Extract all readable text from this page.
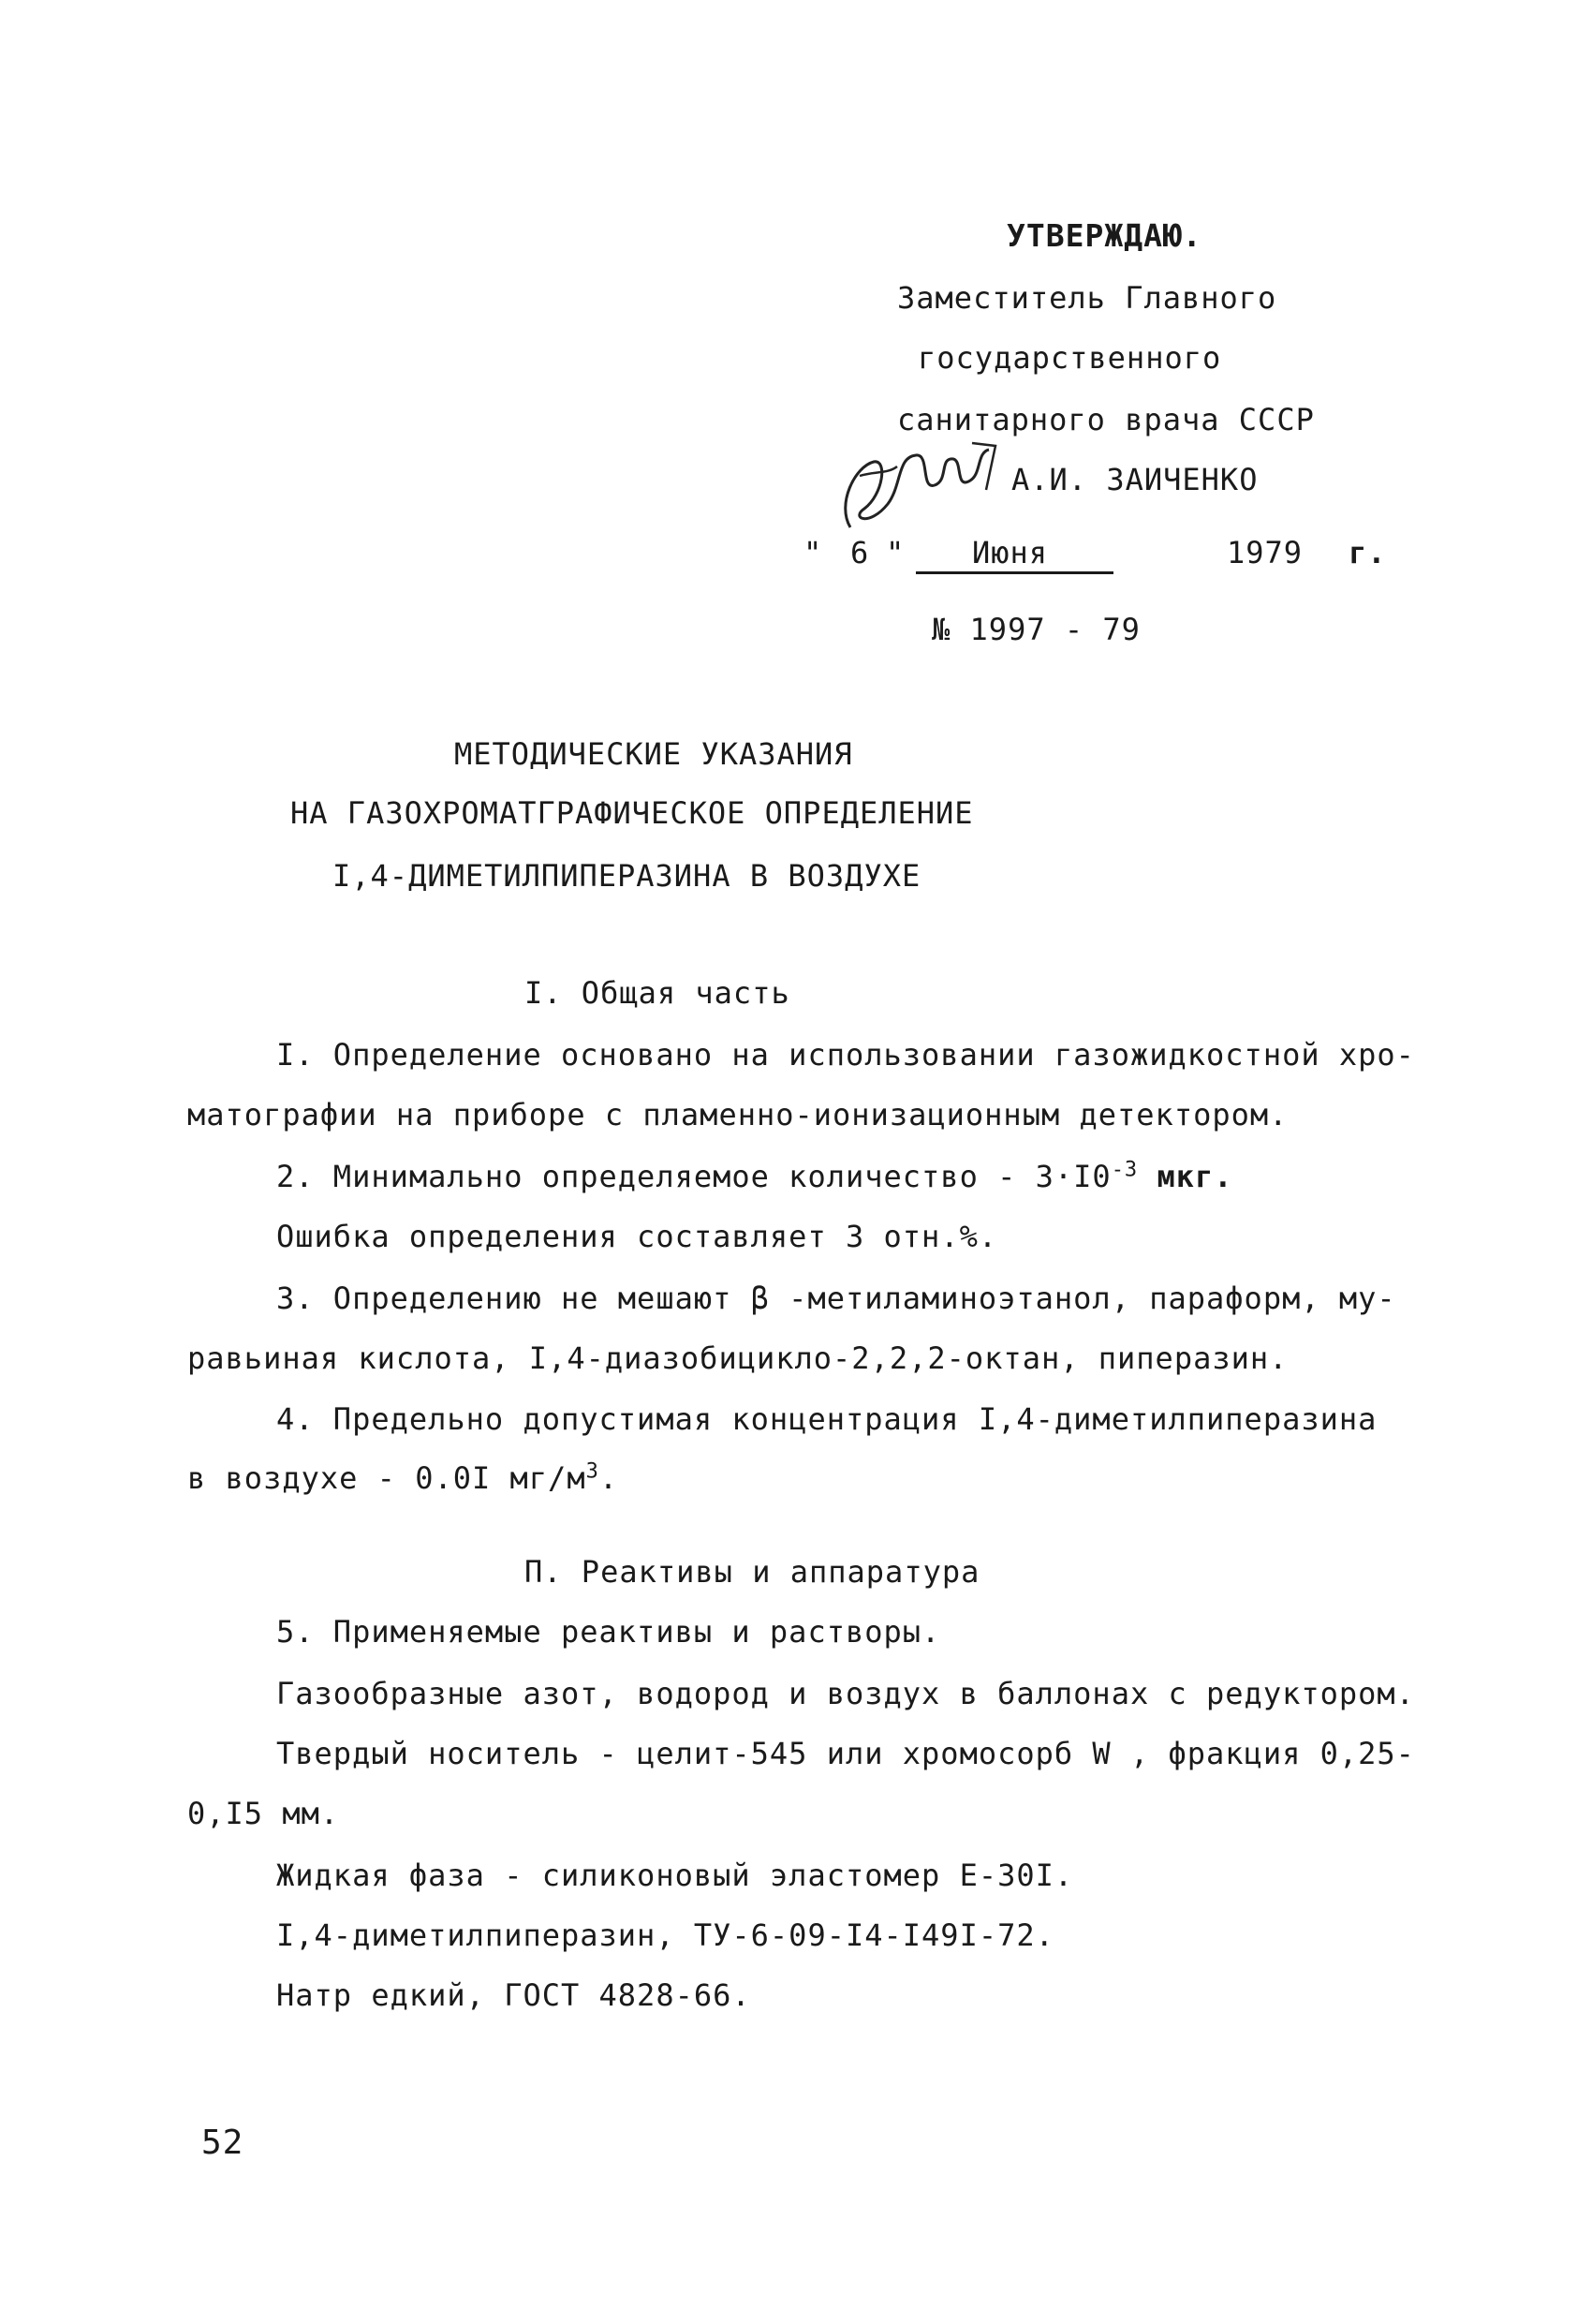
УТВЕРЖДАЮ.
Заместитель Главного
государственного
санитарного врача СССР
А.И. ЗАИЧЕНКО
" 6 "	Июня	1979 г.
№ 1997 - 79
МЕТОДИЧЕСКИЕ УКАЗАНИЯ
НА ГАЗОХРОМАТГРАФИЧЕСКОЕ ОПРЕДЕЛЕНИЕ
I,4-ДИМЕТИЛПИПЕРАЗИНА В ВОЗДУХЕ
I. Общая часть
I. Определение основано на использовании газожидкостной хро-
матографии на приборе с пламенно-ионизационным детектором.
2. Минимально определяемое количество - $3\cdot I0^{-3}$ мкг.
Ошибка определения составляет 3 отн.%.
3. Определению не мешают β -метиламиноэтанол, параформ, му-
равьиная кислота, I,4-диазобицикло-2,2,2-октан, пиперазин.
4. Предельно допустимая концентрация I,4-диметилпиперазина
в воздухе - 0.0I $мг/м^3$.
П. Реактивы и аппаратура
5. Применяемые реактивы и растворы.
Газообразные азот, водород и воздух в баллонах с редуктором.
Твердый носитель - целит-545 или хромосорб W , фракция 0,25-
0,I5 мм.
Жидкая фаза - силиконовый эластомер Е-30I.
I,4-диметилпиперазин, ТУ-6-09-I4-I49I-72.
Натр едкий, ГОСТ 4828-66.
52
